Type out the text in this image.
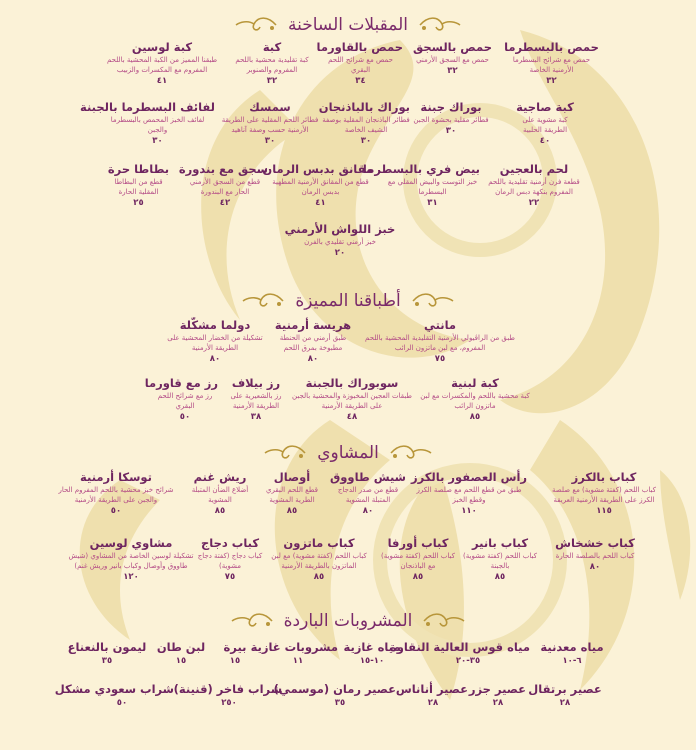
المقبلات الساخنة
حمص بالبسطرما
حمص مع شرائح البسطرما الأرمنية الخاصة
٣٢
حمص بالسجق
حمص مع السجق الأرمني
٣٢
حمص بالقاورما
حمص مع شرائح اللحم البقري
٣٤
كبة
كبة تقليدية محشية باللحم المفروم والصنوبر
٣٢
كبة لوسين
طبقنا المميز من الكبة المحشية باللحم المفروم مع المكسرات والزبيب
٤١
كبة صاجية
كبة مشوية على الطريقة الحلبية
٤٠
بوراك جبنة
فطائر مقلية بحشوة الجبن
٣٠
بوراك بالباذنجان
فطائر الباذنجان المقلية بوصفة الشيف الخاصة
٣٠
سمسك
فطائر اللحم المقلية على الطريقة الأرمنية حسب وصفة آناهيد
٣٠
لفائف البسطرما بالجبنة
لفائف الخبز المحمص بالبسطرما والجبن
٣٠
لحم بالعجين
قطعة فرن أرمنية تقليدية باللحم المفروم بنكهة دبس الرمان
٢٢
بيض فري بالبسطرما
خبز التوست والبيض المقلي مع البسطرما
٣١
مقانق بدبس الرمان
قطع من المقانق الأرمنية المطهية بدبس الرمان
٤١
سجق مع بندورة
قطع من السجق الأرمني الحار مع البندورة
٤٢
بطاطا حرة
قطع من البطاطا المقلية الحارة
٢٥
خبز اللواش الأرمني
خبز أرمني تقليدي بالفرن
٢٠
أطباقنا المميزة
مانتي
طبق من الراڤيولي الأرمنية التقليدية المحشية باللحم المفروم، مع لبن ماتزون الرائب
٧٥
هريسة أرمنية
طبق أرمني من الحنطة مطبوخة بمرق اللحم
٨٠
دولما مشكّلة
تشكيلة من الخضار المحشية على الطريقة الأرمنية
٨٠
كبة لبنية
كبة محشية باللحم والمكسرات مع لبن ماتزون الرائب
٨٥
سوبوراك بالجبنة
طبقات العجين المخبوزة والمحشية بالجبن على الطريقة الأرمنية
٤٨
رز بيلاف
رز بالشعيرية على الطريقة الأرمنية
٣٨
رز مع قاورما
رز مع شرائح اللحم البقري
٥٠
المشاوي
كباب بالكرز
كباب اللحم (كفتة مشوية) مع صلصة الكرز على الطريقة الأرمنية العريقة
١١٥
رأس العصفور بالكرز
طبق من قطع اللحم مع صلصة الكرز وقطع الخبز
١١٠
شيش طاووق
قطع من صدر الدجاج المتبلة المشوية
٨٠
أوصال
قطع اللحم البقري الطرية المشوية
٨٥
ريش غنم
أضلاع الضأن المتبلة المشوية
٨٥
توسكا أرمنية
شرائح خبز محشية باللحم المفروم الحار والجبن على الطريقة الأرمنية
٥٠
كباب خشخاش
كباب اللحم بالصلصة الحارة
٨٠
كباب بانير
كباب اللحم (كفتة مشوية) بالجبنة
٨٥
كباب أورفا
كباب اللحم (كفتة مشوية) مع الباذنجان
٨٥
كباب ماتزون
كباب اللحم (كفتة مشوية) مع لبن الماتزون بالطريقة الأرمنية
٨٥
كباب دجاج
كباب دجاج (كفتة دجاج مشوية)
٧٥
مشاوي لوسين
تشكيلة لوسين الخاصة من المشاوي (شيش طاووق وأوصال وكباب بانير وريش غنم)
١٢٠
المشروبات الباردة
مياه معدنية
٦-١٠
مياه قوس العالية النقاوة
٣٥-٢٠
مياه غازية
١٠-١٥
مشروبات غازية
١١
بيرة
١٥
لبن طان
١٥
ليمون بالنعناع
٣٥
عصير برتقال
٢٨
عصير جزر
٢٨
عصير أناناس
٢٨
عصير رمان (موسمي)
٣٥
شراب فاخر (قنينة)
٢٥٠
شراب سعودي مشكل
٥٠
